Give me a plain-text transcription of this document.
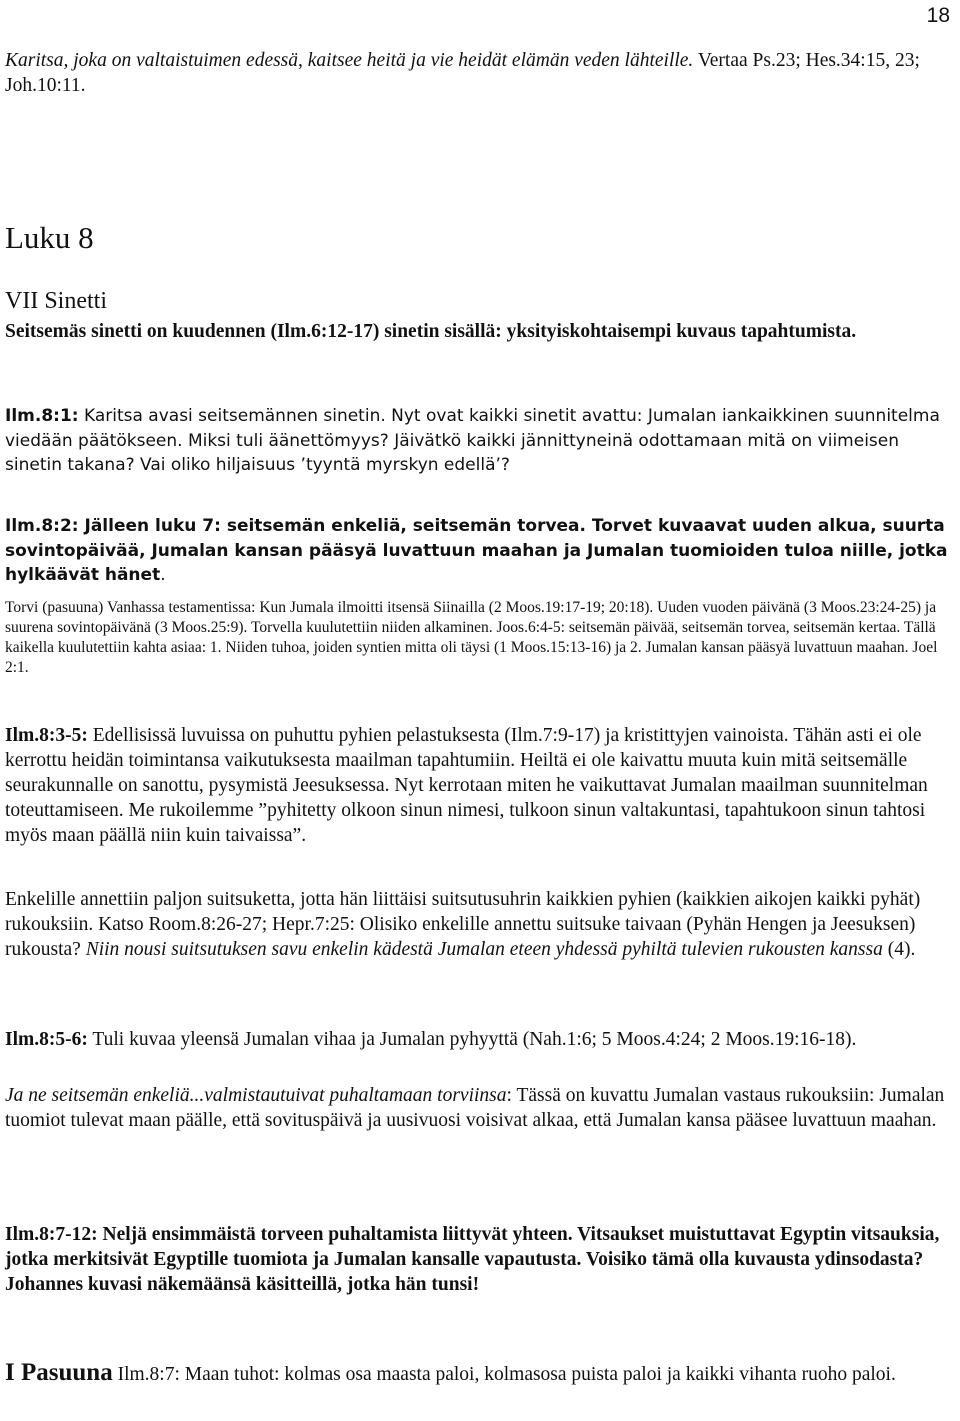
18

Karitsa, joka on valtaistuimen edessä, kaitsee heitä ja vie heidät elämän veden lähteille. Vertaa Ps.23; Hes.34:15, 23; Joh.10:11.

Luku 8

VII Sinetti

Seitsemäs sinetti on kuudennen (Ilm.6:12-17) sinetin sisällä: yksityiskohtaisempi kuvaus tapahtumista.

Ilm.8:1: Karitsa avasi seitsemännen sinetin. Nyt ovat kaikki sinetit avattu: Jumalan iankaikkinen suunnitelma viedään päätökseen. Miksi tuli äänettömyys? Jäivätkö kaikki jännittyneinä odottamaan mitä on viimeisen sinetin takana? Vai oliko hiljaisuus ’tyyntä myrskyn edellä’?

Ilm.8:2: Jälleen luku 7: seitsemän enkeliä, seitsemän torvea. Torvet kuvaavat uuden alkua, suurta sovintopäivää, Jumalan kansan pääsyä luvattuun maahan ja Jumalan tuomioiden tuloa niille, jotka hylkäävät hänet.

Torvi (pasuuna) Vanhassa testamentissa: Kun Jumala ilmoitti itsensä Siinailla (2 Moos.19:17-19; 20:18). Uuden vuoden päivänä (3 Moos.23:24-25) ja suurena sovintopäivänä (3 Moos.25:9). Torvella kuulutettiin niiden alkaminen. Joos.6:4-5: seitsemän päivää, seitsemän torvea, seitsemän kertaa. Tällä kaikella kuulutettiin kahta asiaa: 1. Niiden tuhoa, joiden syntien mitta oli täysi (1 Moos.15:13-16) ja 2. Jumalan kansan pääsyä luvattuun maahan. Joel 2:1.

Ilm.8:3-5: Edellisissä luvuissa on puhuttu pyhien pelastuksesta (Ilm.7:9-17) ja kristittyjen vainoista. Tähän asti ei ole kerrottu heidän toimintansa vaikutuksesta maailman tapahtumiin. Heiltä ei ole kaivattu muuta kuin mitä seitsemälle seurakunnalle on sanottu, pysymistä Jeesuksessa. Nyt kerrotaan miten he vaikuttavat Jumalan maailman suunnitelman toteuttamiseen. Me rukoilemme ”pyhitetty olkoon sinun nimesi, tulkoon sinun valtakuntasi, tapahtukoon sinun tahtosi myös maan päällä niin kuin taivaissa”.

Enkelille annettiin paljon suitsuketta, jotta hän liittäisi suitsutusuhrin kaikkien pyhien (kaikkien aikojen kaikki pyhät) rukouksiin. Katso Room.8:26-27; Hepr.7:25: Olisiko enkelille annettu suitsuke taivaan (Pyhän Hengen ja Jeesuksen) rukousta? Niin nousi suitsutuksen savu enkelin kädestä Jumalan eteen yhdessä pyhiltä tulevien rukousten kanssa (4).

Ilm.8:5-6: Tuli kuvaa yleensä Jumalan vihaa ja Jumalan pyhyyttä (Nah.1:6; 5 Moos.4:24; 2 Moos.19:16-18).

Ja ne seitsemän enkeliä...valmistautuivat puhaltamaan torviinsa: Tässä on kuvattu Jumalan vastaus rukouksiin: Jumalan tuomiot tulevat maan päälle, että sovituspäivä ja uusivuosi voisivat alkaa, että Jumalan kansa pääsee luvattuun maahan.

Ilm.8:7-12: Neljä ensimmäistä torveen puhaltamista liittyvät yhteen. Vitsaukset muistuttavat Egyptin vitsauksia, jotka merkitsivät Egyptille tuomiota ja Jumalan kansalle vapautusta. Voisiko tämä olla kuvausta ydinsodasta? Johannes kuvasi näkemäänsä käsitteillä, jotka hän tunsi!

I Pasuuna Ilm.8:7: Maan tuhot: kolmas osa maasta paloi, kolmasosa puista paloi ja kaikki vihanta ruoho paloi.
